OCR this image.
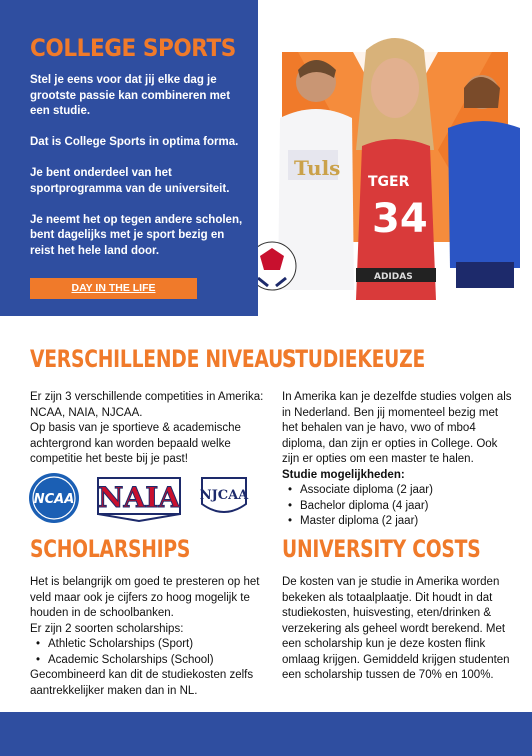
COLLEGE SPORTS

Stel je eens voor dat jij elke dag je grootste passie kan combineren met een studie.

Dat is College Sports in optima forma.

Je bent onderdeel van het sportprogramma van de universiteit.

Je neemt het op tegen andere scholen, bent dagelijks met je sport bezig en reist het hele land door.

DAY IN THE LIFE
Tuls
TGER
34
ADIDAS
VERSCHILLENDE NIVEAUS
Er zijn 3 verschillende competities in Amerika: NCAA, NAIA, NJCAA.
Op basis van je sportieve & academische achtergrond kan worden bepaald welke competitie het beste bij je past!
NCAA NAIA NJCAA
STUDIEKEUZE
In Amerika kan je dezelfde studies volgen als in Nederland. Ben jij momenteel bezig met het behalen van je havo, vwo of mbo4 diploma, dan zijn er opties in College. Ook zijn er opties om een master te halen.
Studie mogelijkheden:
• Associate diploma (2 jaar)
• Bachelor diploma (4 jaar)
• Master diploma (2 jaar)
SCHOLARSHIPS
Het is belangrijk om goed te presteren op het veld maar ook je cijfers zo hoog mogelijk te houden in de schoolbanken.
Er zijn 2 soorten scholarships:
• Athletic Scholarships (Sport)
• Academic Scholarships (School)
Gecombineerd kan dit de studiekosten zelfs aantrekkelijker maken dan in NL.
UNIVERSITY COSTS
De kosten van je studie in Amerika worden bekeken als totaalplaatje. Dit houdt in dat studiekosten, huisvesting, eten/drinken & verzekering als geheel wordt berekend. Met een scholarship kun je deze kosten flink omlaag krijgen. Gemiddeld krijgen studenten een scholarship tussen de 70% en 100%.
